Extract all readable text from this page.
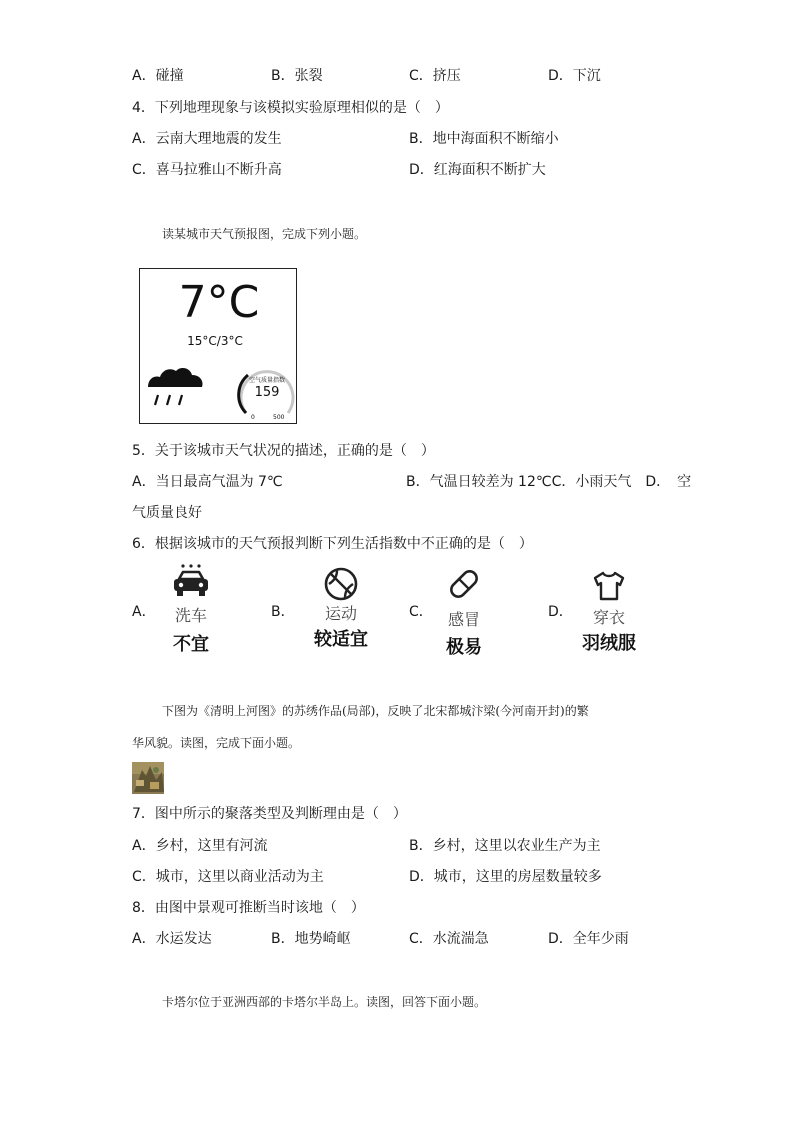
A．碰撞	B．张裂	C．挤压	D．下沉
4．下列地理现象与该模拟实验原理相似的是（　）
A．云南大理地震的发生	B．地中海面积不断缩小
C．喜马拉雅山不断升高	D．红海面积不断扩大
读某城市天气预报图，完成下列小题。
7°C
15°C/3°C
空气质量指数
159
0	500
5．关于该城市天气状况的描述，正确的是（　）
A．当日最高气温为 7℃	B．气温日较差为 12℃C．小雨天气　D．　空
气质量良好
6．根据该城市的天气预报判断下列生活指数中不正确的是（　）
A．	洗车
不宜
B．	运动
较适宜
C． 感冒
极易
D．	穿衣
羽绒服
下图为《清明上河图》的苏绣作品(局部)，反映了北宋都城汴梁(今河南开封)的繁
华风貌。读图，完成下面小题。
7．图中所示的聚落类型及判断理由是（　）
A．乡村，这里有河流	B．乡村，这里以农业生产为主
C．城市，这里以商业活动为主	D．城市，这里的房屋数量较多
8．由图中景观可推断当时该地（　）
A．水运发达	B．地势崎岖	C．水流湍急	D．全年少雨
卡塔尔位于亚洲西部的卡塔尔半岛上。读图，回答下面小题。
